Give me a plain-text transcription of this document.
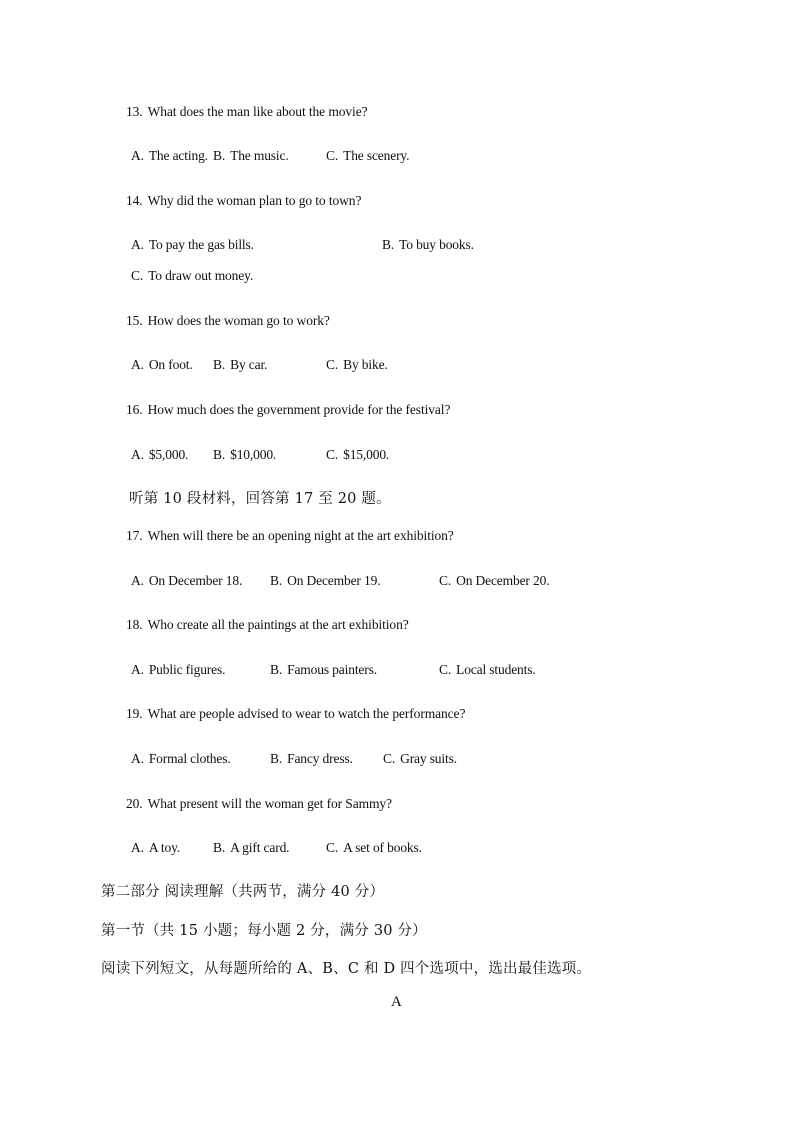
13. What does the man like about the movie?
A. The acting. B. The music.	C. The scenery.
14. Why did the woman plan to go to town?
A. To pay the gas bills.	B. To buy books.
C. To draw out money.
15. How does the woman go to work?
A. On foot. B. By car.	C. By bike.
16. How much does the government provide for the festival?
A. $5,000. B. $10,000.	C. $15,000.
听第 10 段材料，回答第 17 至 20 题。
17. When will there be an opening night at the art exhibition?
A. On December 18. B. On December 19.	C. On December 20.
18. Who create all the paintings at the art exhibition?
A. Public figures.	B. Famous painters.	C. Local students.
19. What are people advised to wear to watch the performance?
A. Formal clothes.	B. Fancy dress. C. Gray suits.
20. What present will the woman get for Sammy?
A. A toy. B. A gift card.	C. A set of books.
第二部分 阅读理解（共两节，满分 40 分）
第一节（共 15 小题；每小题 2 分，满分 30 分）
阅读下列短文，从每题所给的 A、B、C 和 D 四个选项中，选出最佳选项。
A
